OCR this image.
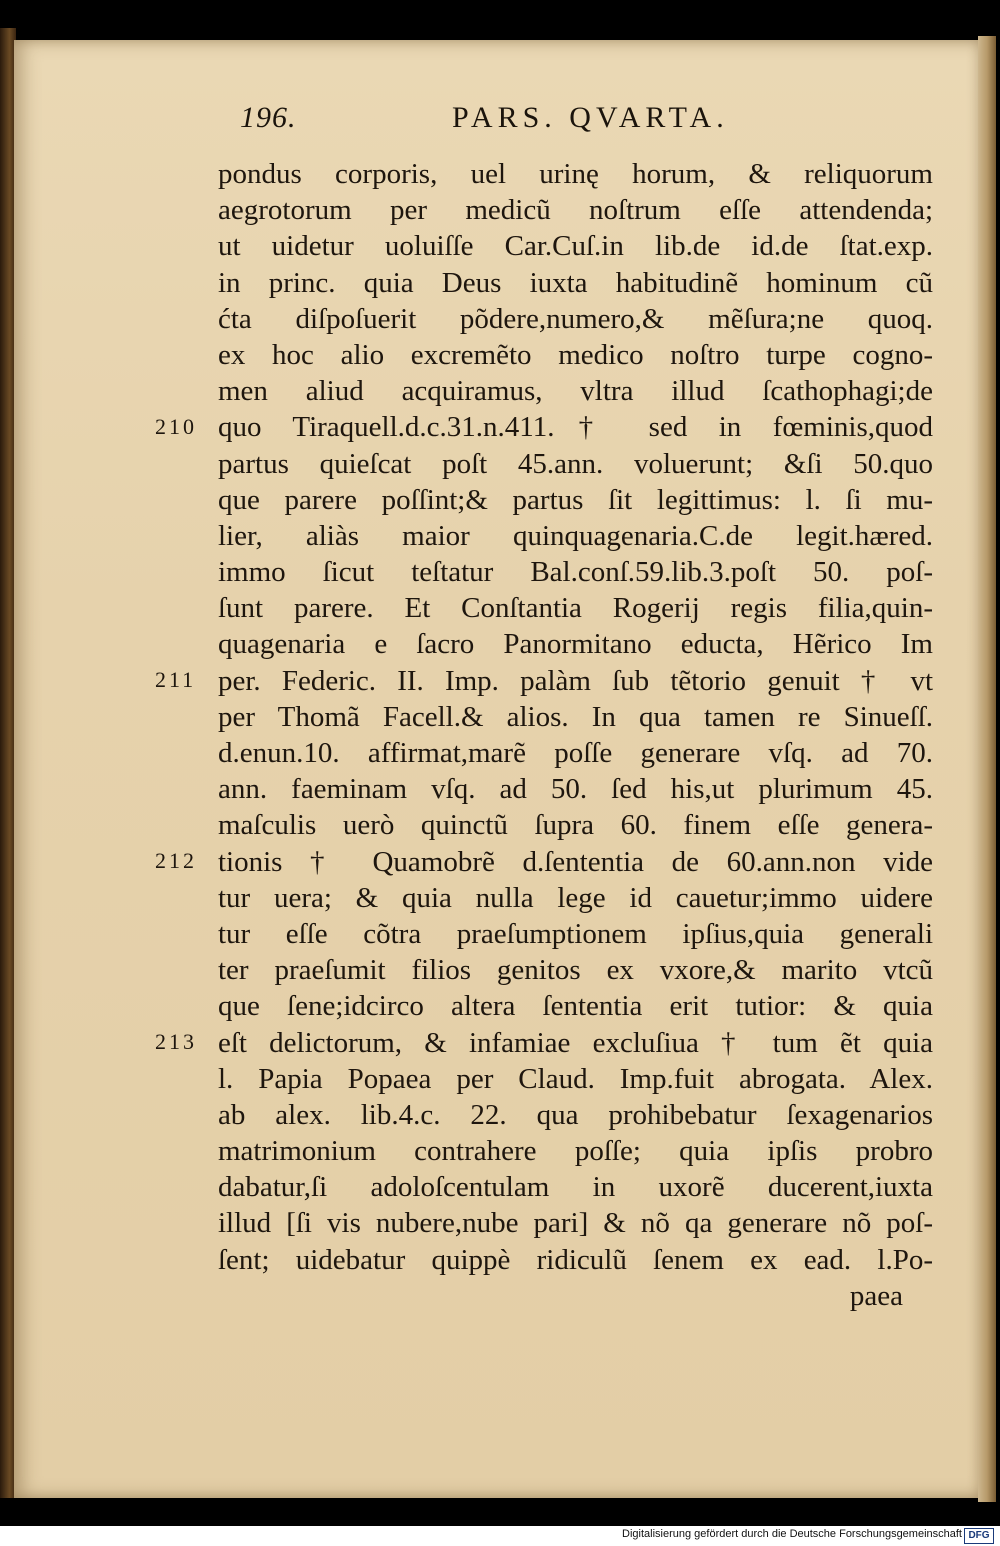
196.	PARS. QVARTA.
210
211
212
213
pondus corporis, uel urinę horum, & reliquorum
aegrotorum per medicũ noſtrum eſſe attendenda;
ut uidetur uoluiſſe Car.Cuſ.in lib.de id.de ſtat.exp.
in princ. quia Deus iuxta habitudinẽ hominum cũ
ćta diſpoſuerit põdere,numero,& mẽſura;ne quoq.
ex hoc alio excremẽto medico noſtro turpe cogno-
men aliud acquiramus, vltra illud ſcathophagi;de
quo Tiraquell.d.c.31.n.411.† sed in fœminis,quod
partus quieſcat poſt 45.ann. voluerunt; &ſi 50.quo
que parere poſſint;& partus ſit legittimus: l. ſi mu-
lier, aliàs maior quinquagenaria.C.de legit.hæred.
immo ſicut teſtatur Bal.conſ.59.lib.3.poſt 50. poſ-
ſunt parere. Et Conſtantia Rogerij regis filia,quin-
quagenaria e ſacro Panormitano educta, Hẽrico Im
per. Federic. II. Imp. palàm ſub tẽtorio genuit † vt
per Thomã Facell.& alios. In qua tamen re Sinueſſ.
d.enun.10. affirmat,marẽ poſſe generare vſq. ad 70.
ann. faeminam vſq. ad 50. ſed his,ut plurimum 45.
maſculis uerò quinctũ ſupra 60. finem eſſe genera-
tionis † Quamobrẽ d.ſententia de 60.ann.non vide
tur uera; & quia nulla lege id cauetur;immo uidere
tur eſſe cõtra praeſumptionem ipſius,quia generali
ter praeſumit filios genitos ex vxore,& marito vtcũ
que ſene;idcirco altera ſententia erit tutior: & quia
eſt delictorum, & infamiae excluſiua † tum ẽt quia
l. Papia Popaea per Claud. Imp.fuit abrogata. Alex.
ab alex. lib.4.c. 22. qua prohibebatur ſexagenarios
matrimonium contrahere poſſe; quia ipſis probro
dabatur,ſi adoloſcentulam in uxorẽ ducerent,iuxta
illud [ſi vis nubere,nube pari] & nõ qa generare nõ poſ-
ſent; uidebatur quippè ridiculũ ſenem ex ead. l.Po-
paea
Digitalisierung gefördert durch die Deutsche Forschungsgemeinschaft DFG
